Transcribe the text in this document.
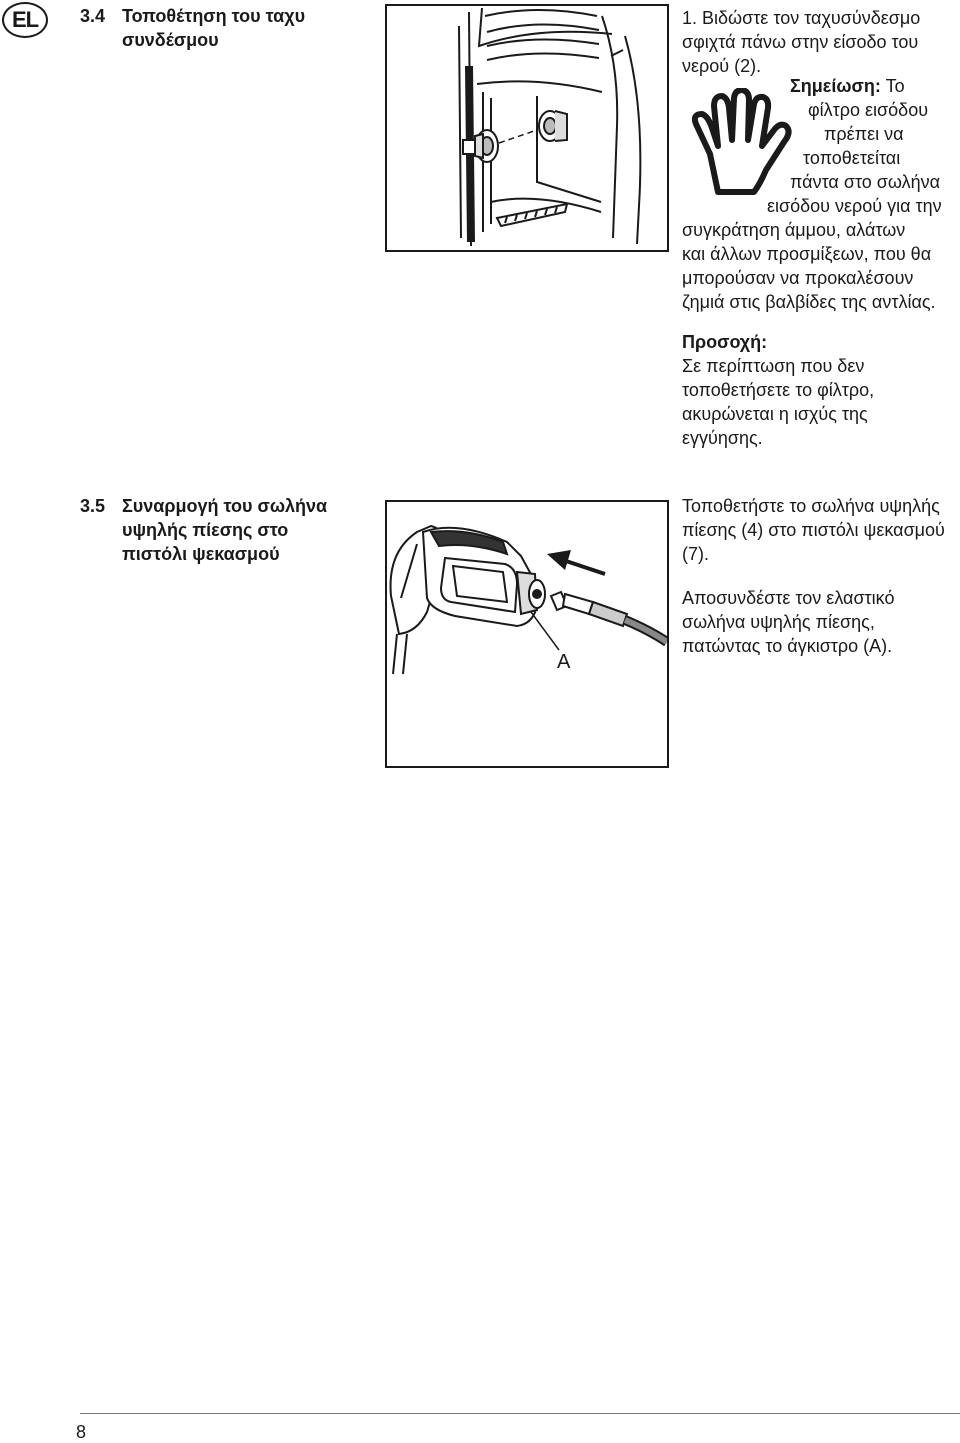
EL	3.4 Τοποθέτηση του ταχυ συνδέσμου
1. Βιδώστε τον ταχυσύνδεσμο σφιχτά πάνω στην είσοδο του νερού (2).
Σημείωση: Το
φίλτρο εισόδου
πρέπει να
τοποθετείται
πάντα στο σωλήνα
εισόδου νερού για την
συγκράτηση άμμου, αλάτων
και άλλων προσμίξεων, που θα
μπορούσαν να προκαλέσουν
ζημιά στις βαλβίδες της αντλίας.
Προσοχή:
Σε περίπτωση που δεν τοποθετήσετε το φίλτρο, ακυρώνεται η ισχύς της εγγύησης.
3.5 Συναρμογή του σωλήνα υψηλής πίεσης στο πιστόλι ψεκασμού
A
Τοποθετήστε το σωλήνα υψηλής πίεσης (4) στο πιστόλι ψεκασμού (7).
Αποσυνδέστε τον ελαστικό σωλήνα υψηλής πίεσης, πατώντας το άγκιστρο (A).
8
